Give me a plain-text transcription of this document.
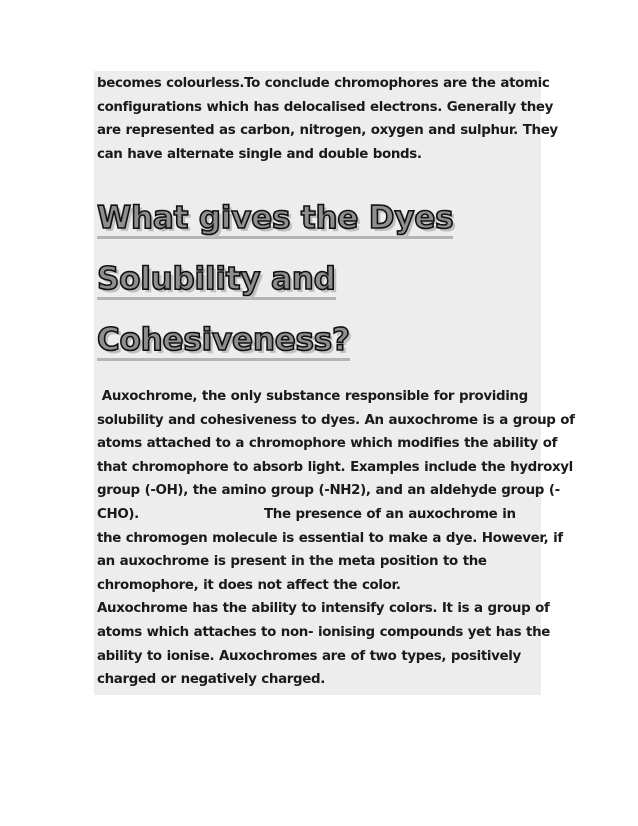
becomes colourless.To conclude chromophores are the atomic
configurations which has delocalised electrons. Generally they
are represented as carbon, nitrogen, oxygen and sulphur. They
can have alternate single and double bonds.

What gives the Dyes
Solubility and
Cohesiveness?

Auxochrome, the only substance responsible for providing
solubility and cohesiveness to dyes. An auxochrome is a group of
atoms attached to a chromophore which modifies the ability of
that chromophore to absorb light. Examples include the hydroxyl
group (-OH), the amino group (-NH2), and an aldehyde group (-
CHO).                          The presence of an auxochrome in
the chromogen molecule is essential to make a dye. However, if
an auxochrome is present in the meta position to the
chromophore, it does not affect the color.
Auxochrome has the ability to intensify colors. It is a group of
atoms which attaches to non- ionising compounds yet has the
ability to ionise. Auxochromes are of two types, positively
charged or negatively charged.
